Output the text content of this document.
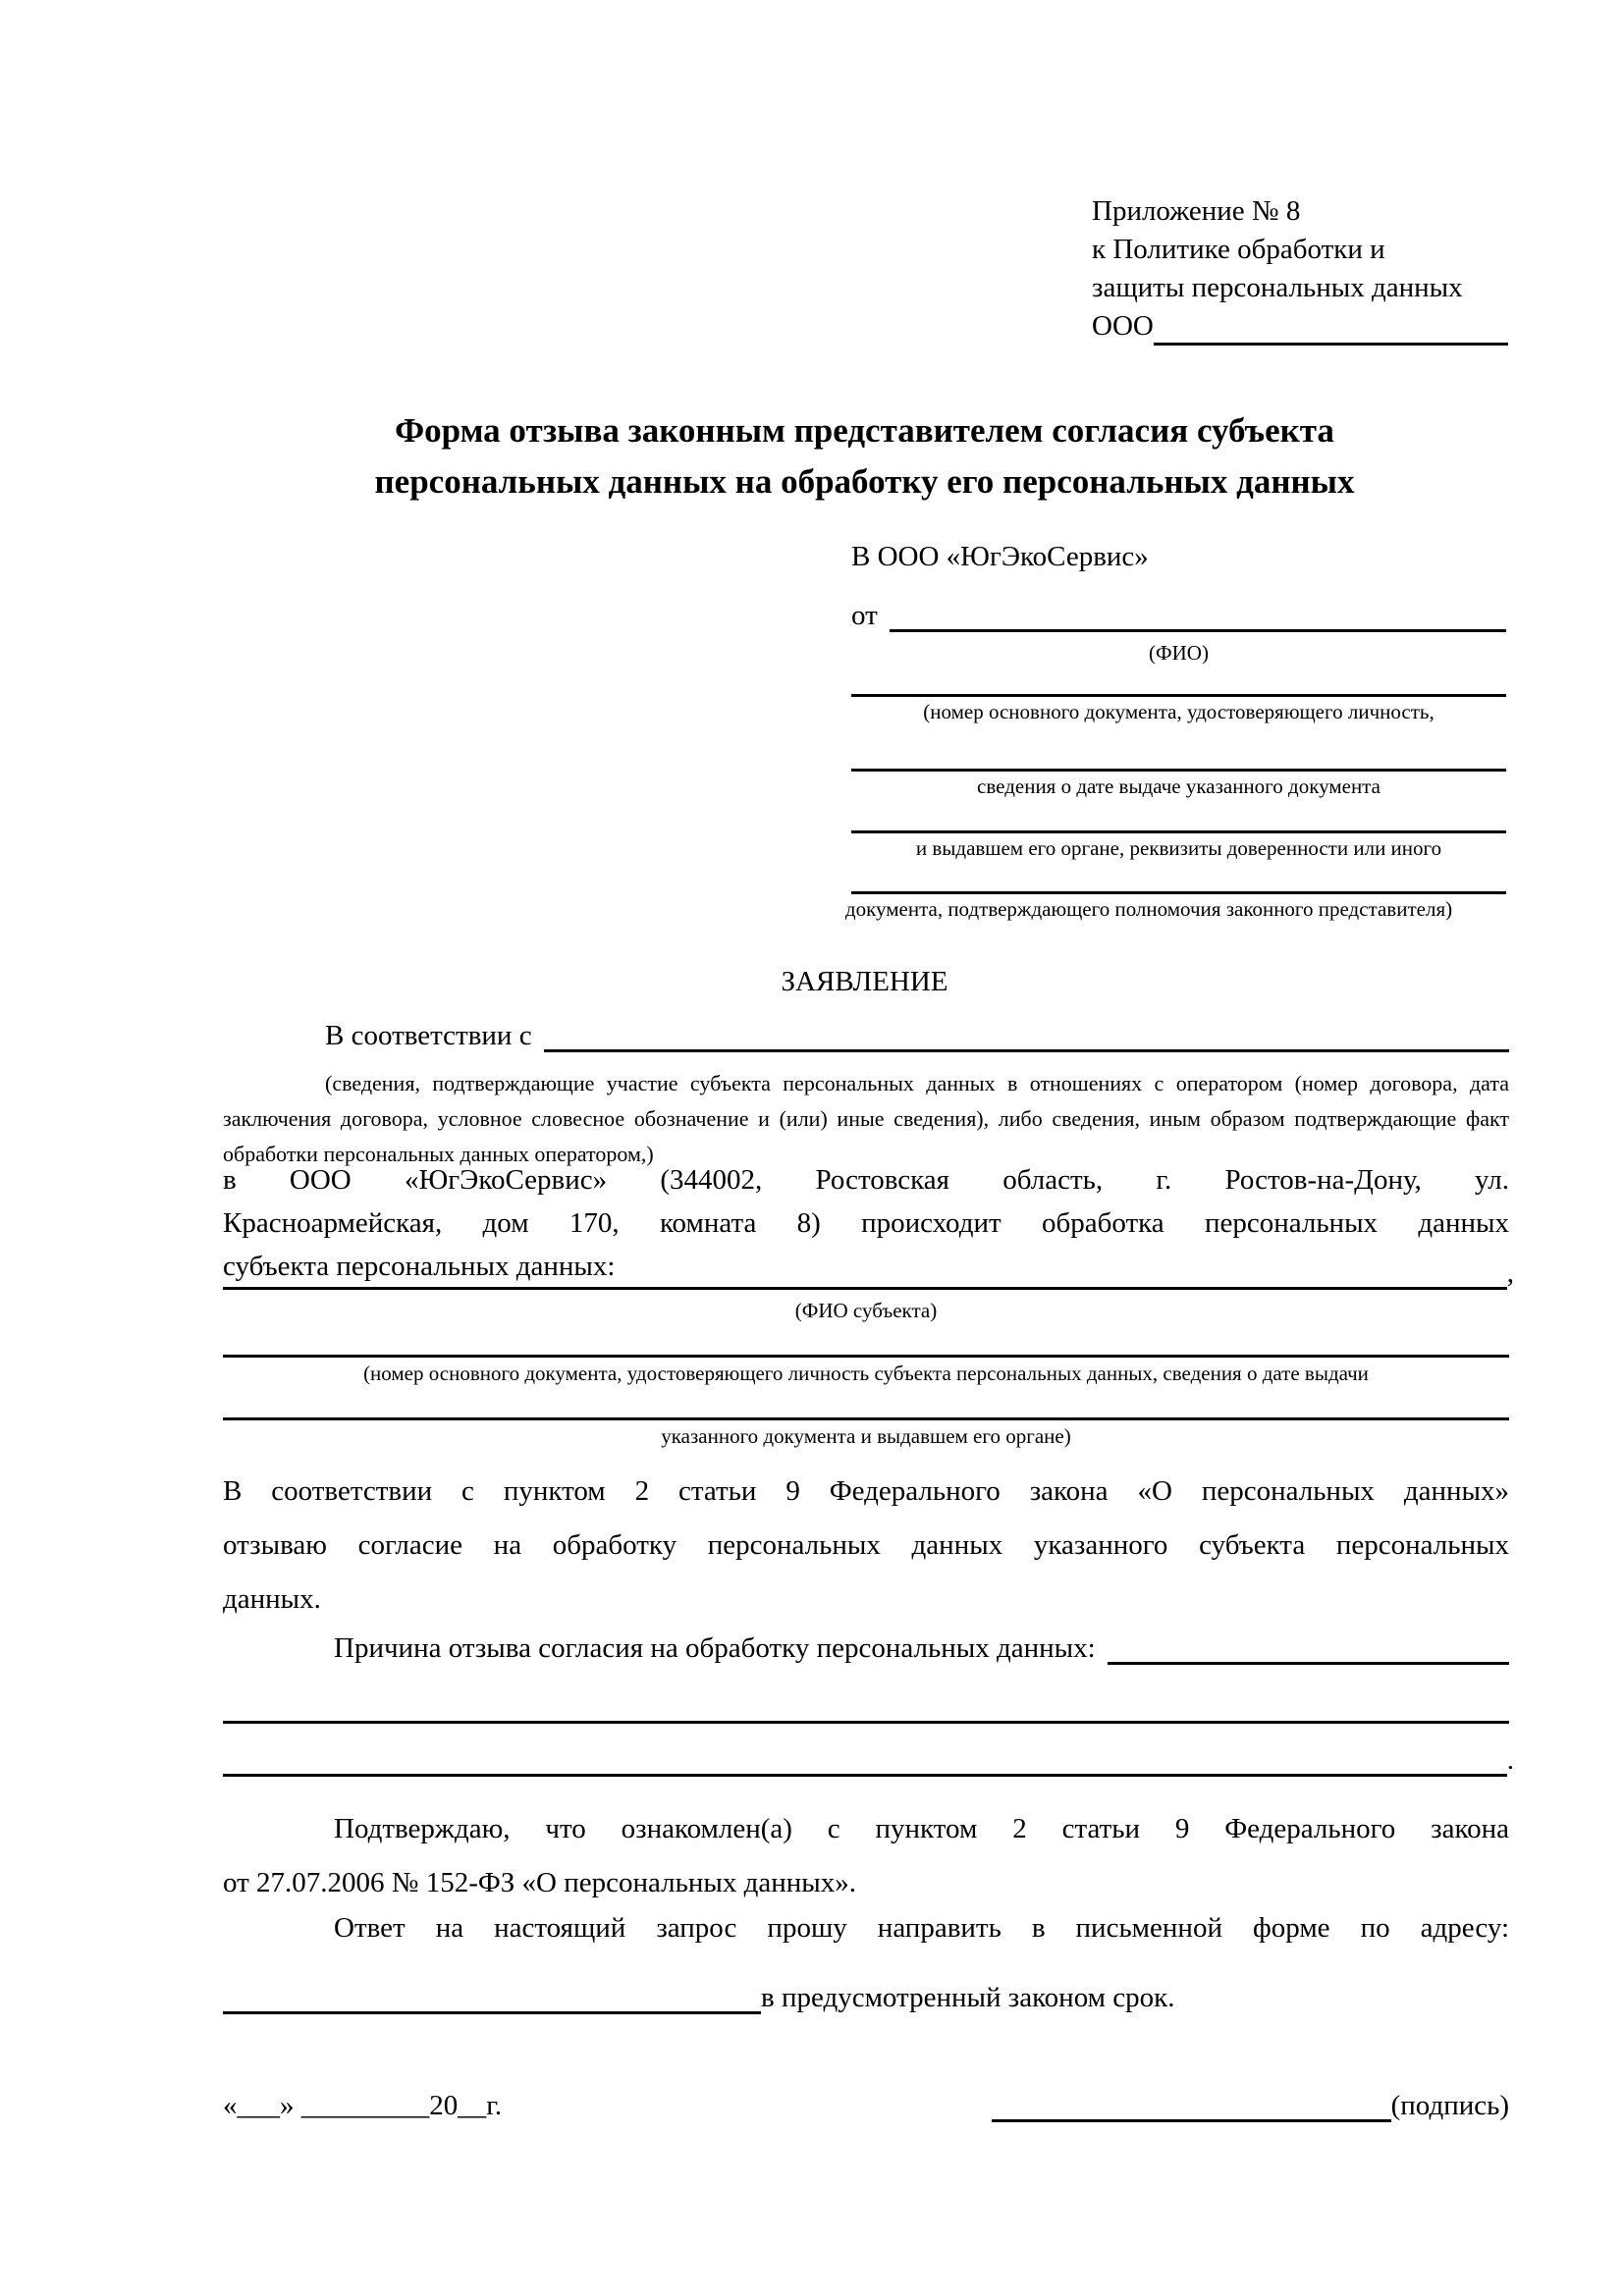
Приложение № 8
к Политике обработки и
защиты персональных данных
ООО
Форма отзыва законным представителем согласия субъекта
персональных данных на обработку его персональных данных
В ООО «ЮгЭкоСервис»
от
(ФИО)
(номер основного документа, удостоверяющего личность,
сведения о дате выдаче указанного документа
и выдавшем его органе, реквизиты доверенности или иного
документа, подтверждающего полномочия законного представителя)
ЗАЯВЛЕНИЕ
В соответствии с
(сведения, подтверждающие участие субъекта персональных данных в отношениях с оператором (номер договора, дата
заключения договора, условное словесное обозначение и (или) иные сведения), либо сведения, иным образом подтверждающие факт
обработки персональных данных оператором,)
в ООО «ЮгЭкоСервис» (344002, Ростовская область, г. Ростов-на-Дону, ул.
Красноармейская, дом 170, комната 8) происходит обработка персональных данных
субъекта персональных данных:	,
(ФИО субъекта)
(номер основного документа, удостоверяющего личность субъекта персональных данных, сведения о дате выдачи
указанного документа и выдавшем его органе)
В соответствии с пунктом 2 статьи 9 Федерального закона «О персональных данных»
отзываю согласие на обработку персональных данных указанного субъекта персональных
данных.
Причина отзыва согласия на обработку персональных данных:
.
Подтверждаю, что ознакомлен(а) с пунктом 2 статьи 9 Федерального закона
от 27.07.2006 № 152-ФЗ «О персональных данных».
Ответ на настоящий запрос прошу направить в письменной форме по адресу:
в предусмотренный законом срок.
«___» _________20__г.	(подпись)
